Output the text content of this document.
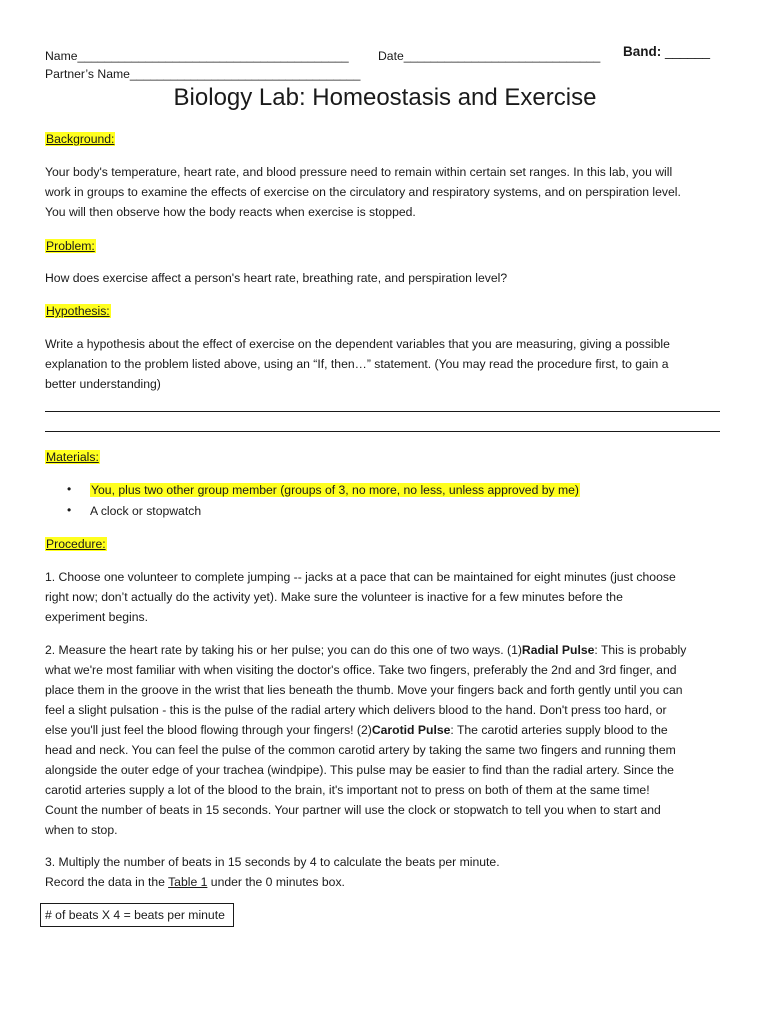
Name________________________________________ Date_____________________________ Band: ______
Partner’s Name__________________________________
Biology Lab: Homeostasis and Exercise
Background:
Your body's temperature, heart rate, and blood pressure need to remain within certain set ranges. In this lab, you will
work in groups to examine the effects of exercise on the circulatory and respiratory systems, and on perspiration level.
You will then observe how the body reacts when exercise is stopped.
Problem:
How does exercise affect a person's heart rate, breathing rate, and perspiration level?
Hypothesis:
Write a hypothesis about the effect of exercise on the dependent variables that you are measuring, giving a possible
explanation to the problem listed above, using an “If, then…” statement. (You may read the procedure first, to gain a
better understanding)
Materials:
• You, plus two other group member (groups of 3, no more, no less, unless approved by me)
• A clock or stopwatch
Procedure:
1. Choose one volunteer to complete jumping -- jacks at a pace that can be maintained for eight minutes (just choose
right now; don’t actually do the activity yet). Make sure the volunteer is inactive for a few minutes before the
experiment begins.
2. Measure the heart rate by taking his or her pulse; you can do this one of two ways. (1)Radial Pulse: This is probably
what we're most familiar with when visiting the doctor's office. Take two fingers, preferably the 2nd and 3rd finger, and
place them in the groove in the wrist that lies beneath the thumb. Move your fingers back and forth gently until you can
feel a slight pulsation - this is the pulse of the radial artery which delivers blood to the hand. Don't press too hard, or
else you'll just feel the blood flowing through your fingers! (2)Carotid Pulse: The carotid arteries supply blood to the
head and neck. You can feel the pulse of the common carotid artery by taking the same two fingers and running them
alongside the outer edge of your trachea (windpipe). This pulse may be easier to find than the radial artery. Since the
carotid arteries supply a lot of the blood to the brain, it's important not to press on both of them at the same time!
Count the number of beats in 15 seconds. Your partner will use the clock or stopwatch to tell you when to start and
when to stop.
3. Multiply the number of beats in 15 seconds by 4 to calculate the beats per minute.
Record the data in the Table 1 under the 0 minutes box.
# of beats X 4 = beats per minute
